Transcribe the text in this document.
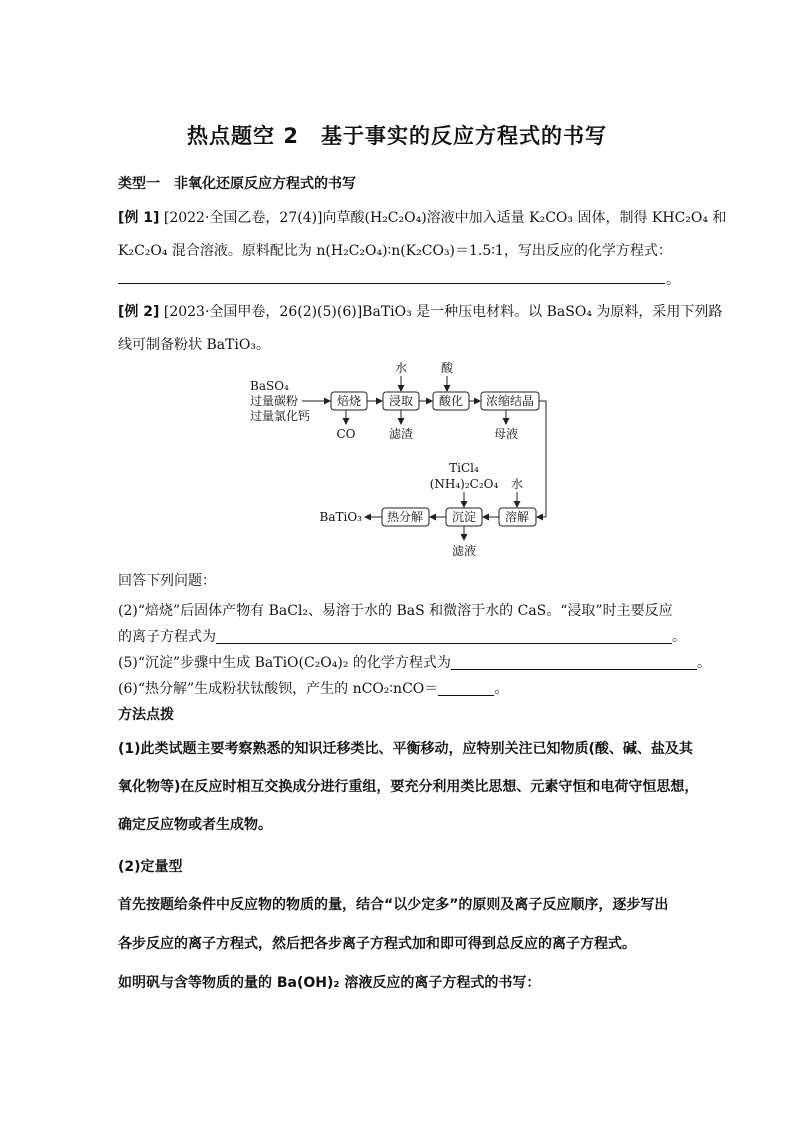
热点题空 2　基于事实的反应方程式的书写
类型一　非氧化还原反应方程式的书写
[例 1] [2022·全国乙卷，27(4)]向草酸(H₂C₂O₄)溶液中加入适量 K₂CO₃ 固体，制得 KHC₂O₄ 和
K₂C₂O₄ 混合溶液。原料配比为 n(H₂C₂O₄)∶n(K₂CO₃)＝1.5∶1，写出反应的化学方程式：
。
[例 2] [2023·全国甲卷，26(2)(5)(6)]BaTiO₃ 是一种压电材料。以 BaSO₄ 为原料，采用下列路
线可制备粉状 BaTiO₃。
BaSO₄
过量碳粉
过量氯化钙
焙烧 浸取 酸化 浓缩结晶
水	酸
CO	滤渣	母液
溶解
沉淀
热分解
BaTiO₃
TiCl₄
(NH₄)₂C₂O₄ 水
滤液
回答下列问题：
(2)“焙烧”后固体产物有 BaCl₂、易溶于水的 BaS 和微溶于水的 CaS。“浸取”时主要反应
的离子方程式为	。
(5)“沉淀”步骤中生成 BaTiO(C₂O₄)₂ 的化学方程式为	。
(6)“热分解”生成粉状钛酸钡，产生的 nCO₂∶nCO＝	。
方法点拨
(1)此类试题主要考察熟悉的知识迁移类比、平衡移动，应特别关注已知物质(酸、碱、盐及其
氧化物等)在反应时相互交换成分进行重组，要充分利用类比思想、元素守恒和电荷守恒思想，
确定反应物或者生成物。
(2)定量型
首先按题给条件中反应物的物质的量，结合“以少定多”的原则及离子反应顺序，逐步写出
各步反应的离子方程式，然后把各步离子方程式加和即可得到总反应的离子方程式。
如明矾与含等物质的量的 Ba(OH)₂ 溶液反应的离子方程式的书写：
